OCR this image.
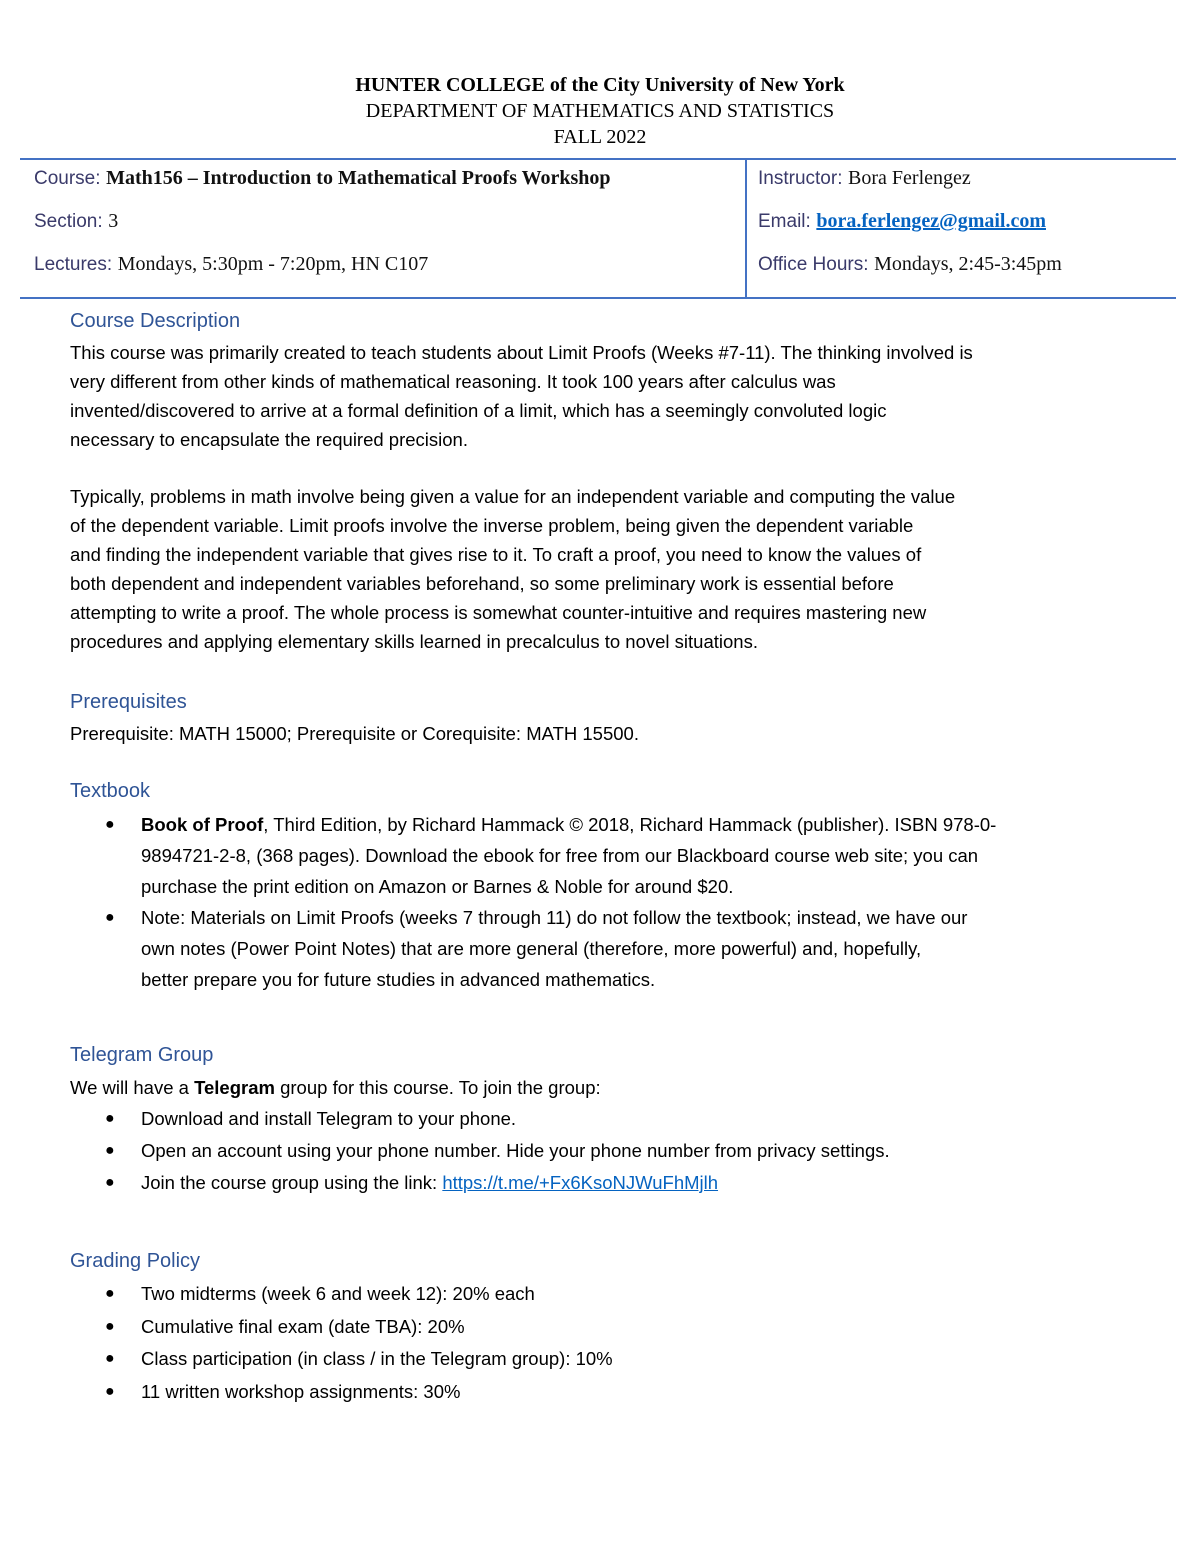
HUNTER COLLEGE of the City University of New York
DEPARTMENT OF MATHEMATICS AND STATISTICS
FALL 2022
Course: Math156 – Introduction to Mathematical Proofs Workshop
Section: 3
Lectures: Mondays, 5:30pm - 7:20pm, HN C107
Instructor: Bora Ferlengez
Email: bora.ferlengez@gmail.com
Office Hours: Mondays, 2:45-3:45pm
Course Description
This course was primarily created to teach students about Limit Proofs (Weeks #7-11). The thinking involved is
very different from other kinds of mathematical reasoning. It took 100 years after calculus was
invented/discovered to arrive at a formal definition of a limit, which has a seemingly convoluted logic
necessary to encapsulate the required precision.
Typically, problems in math involve being given a value for an independent variable and computing the value
of the dependent variable. Limit proofs involve the inverse problem, being given the dependent variable
and finding the independent variable that gives rise to it. To craft a proof, you need to know the values of
both dependent and independent variables beforehand, so some preliminary work is essential before
attempting to write a proof. The whole process is somewhat counter-intuitive and requires mastering new
procedures and applying elementary skills learned in precalculus to novel situations.
Prerequisites
Prerequisite: MATH 15000; Prerequisite or Corequisite: MATH 15500.
Textbook
● Book of Proof, Third Edition, by Richard Hammack © 2018, Richard Hammack (publisher). ISBN 978-0-
9894721-2-8, (368 pages). Download the ebook for free from our Blackboard course web site; you can
purchase the print edition on Amazon or Barnes & Noble for around $20.
● Note: Materials on Limit Proofs (weeks 7 through 11) do not follow the textbook; instead, we have our
own notes (Power Point Notes) that are more general (therefore, more powerful) and, hopefully,
better prepare you for future studies in advanced mathematics.
Telegram Group
We will have a Telegram group for this course. To join the group:
● Download and install Telegram to your phone.
● Open an account using your phone number. Hide your phone number from privacy settings.
● Join the course group using the link: https://t.me/+Fx6KsoNJWuFhMjlh
Grading Policy
● Two midterms (week 6 and week 12): 20% each
● Cumulative final exam (date TBA): 20%
● Class participation (in class / in the Telegram group): 10%
● 11 written workshop assignments: 30%
